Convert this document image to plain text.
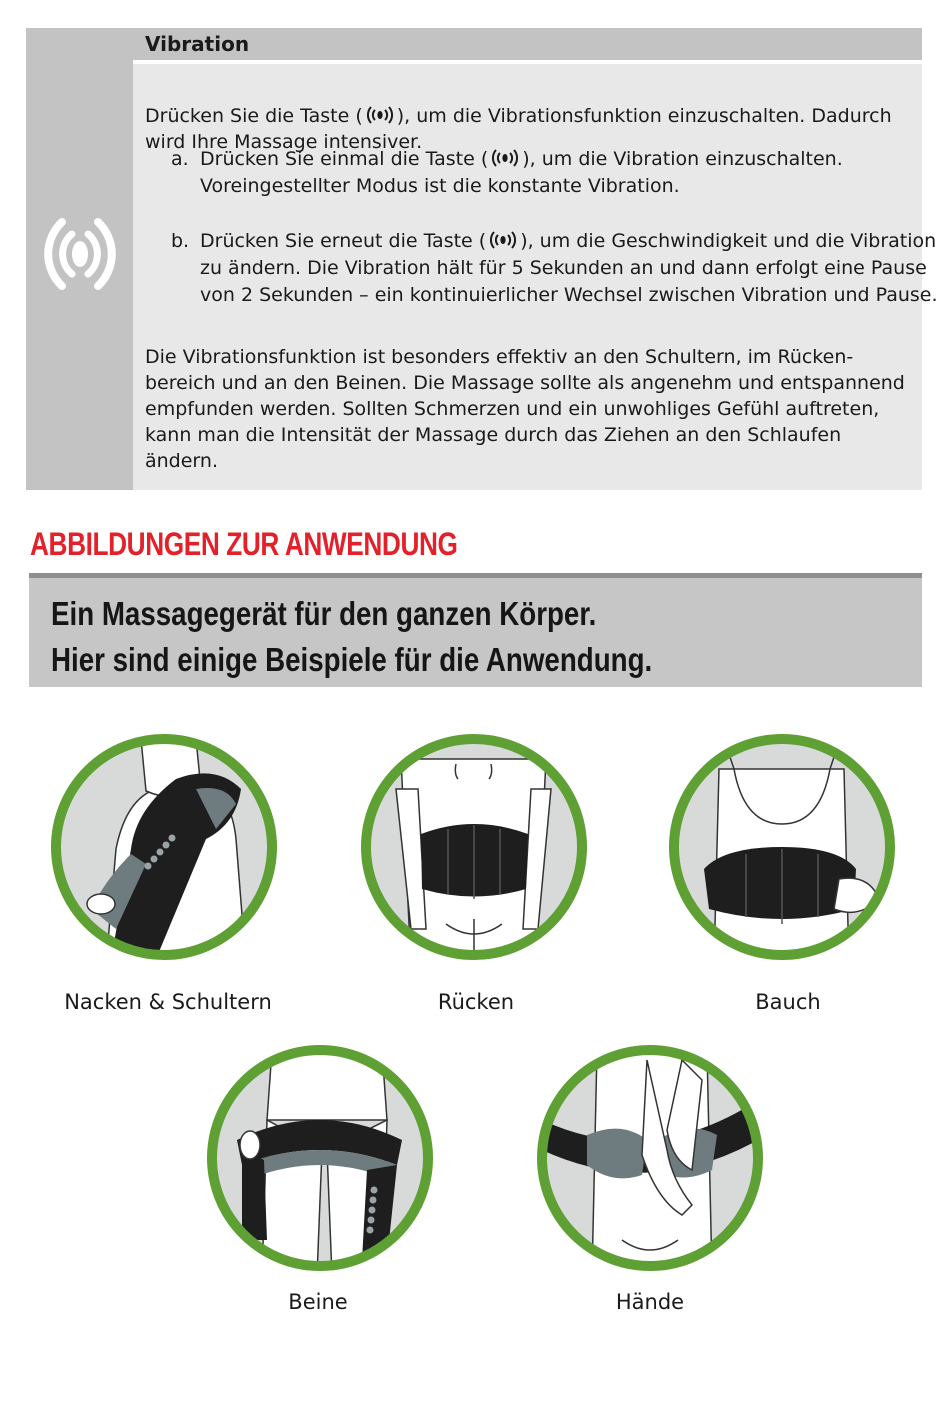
Vibration
Drücken Sie die Taste ( ), um die Vibrationsfunktion einzuschalten. Dadurch wird Ihre Massage intensiver.
a. Drücken Sie einmal die Taste ( ), um die Vibration einzuschalten. Voreingestellter Modus ist die konstante Vibration.
b. Drücken Sie erneut die Taste ( ), um die Geschwindigkeit und die Vibration zu ändern. Die Vibration hält für 5 Sekunden an und dann erfolgt eine Pause von 2 Sekunden – ein kontinuierlicher Wechsel zwischen Vibration und Pause.
Die Vibrationsfunktion ist besonders effektiv an den Schultern, im Rücken-bereich und an den Beinen. Die Massage sollte als angenehm und entspannend empfunden werden. Sollten Schmerzen und ein unwohliges Gefühl auftreten, kann man die Intensität der Massage durch das Ziehen an den Schlaufen ändern.
ABBILDUNGEN ZUR ANWENDUNG
Ein Massagegerät für den ganzen Körper.
Hier sind einige Beispiele für die Anwendung.
Nacken & Schultern	Rücken	Bauch
Beine	Hände
